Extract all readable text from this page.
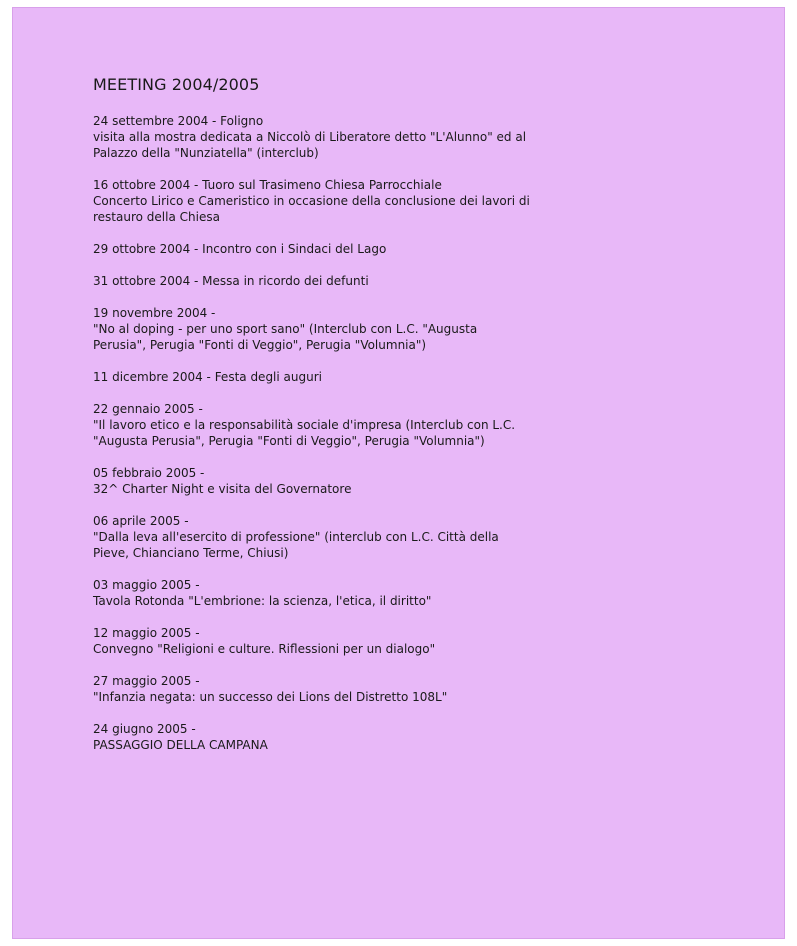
MEETING 2004/2005
24 settembre 2004 - Foligno
visita alla mostra dedicata a Niccolò di Liberatore detto "L'Alunno" ed al
Palazzo della "Nunziatella" (interclub)
16 ottobre 2004 - Tuoro sul Trasimeno Chiesa Parrocchiale
Concerto Lirico e Cameristico in occasione della conclusione dei lavori di
restauro della Chiesa
29 ottobre 2004 - Incontro con i Sindaci del Lago
31 ottobre 2004 - Messa in ricordo dei defunti
19 novembre 2004 -
"No al doping - per uno sport sano" (Interclub con L.C. "Augusta
Perusia", Perugia "Fonti di Veggio", Perugia "Volumnia")
11 dicembre 2004 - Festa degli auguri
22 gennaio 2005 -
"Il lavoro etico e la responsabilità sociale d'impresa (Interclub con L.C.
"Augusta Perusia", Perugia "Fonti di Veggio", Perugia "Volumnia")
05 febbraio 2005 -
32^ Charter Night e visita del Governatore
06 aprile 2005 -
"Dalla leva all'esercito di professione" (interclub con L.C. Città della
Pieve, Chianciano Terme, Chiusi)
03 maggio 2005 -
Tavola Rotonda "L'embrione: la scienza, l'etica, il diritto"
12 maggio 2005 -
Convegno "Religioni e culture. Riflessioni per un dialogo"
27 maggio 2005 -
"Infanzia negata: un successo dei Lions del Distretto 108L"
24 giugno 2005 -
PASSAGGIO DELLA CAMPANA
